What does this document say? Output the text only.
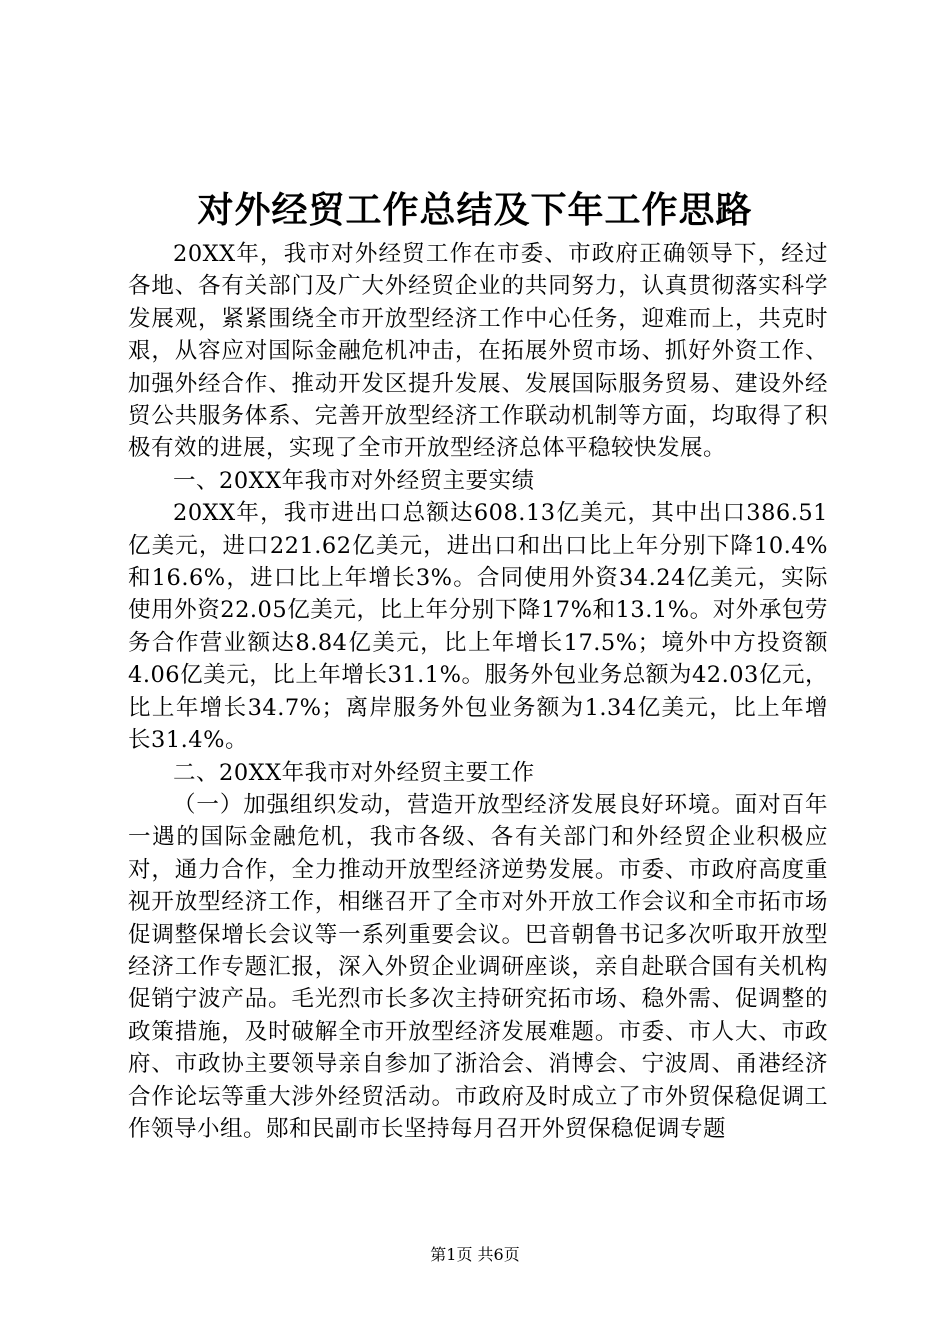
对外经贸工作总结及下年工作思路

20XX年，我市对外经贸工作在市委、市政府正确领导下，经过各地、各有关部门及广大外经贸企业的共同努力，认真贯彻落实科学发展观，紧紧围绕全市开放型经济工作中心任务，迎难而上，共克时艰，从容应对国际金融危机冲击，在拓展外贸市场、抓好外资工作、加强外经合作、推动开发区提升发展、发展国际服务贸易、建设外经贸公共服务体系、完善开放型经济工作联动机制等方面，均取得了积极有效的进展，实现了全市开放型经济总体平稳较快发展。

一、20XX年我市对外经贸主要实绩

20XX年，我市进出口总额达608.13亿美元，其中出口386.51亿美元，进口221.62亿美元，进出口和出口比上年分别下降10.4%和16.6%，进口比上年增长3%。合同使用外资34.24亿美元，实际使用外资22.05亿美元，比上年分别下降17%和13.1%。对外承包劳务合作营业额达8.84亿美元，比上年增长17.5%；境外中方投资额4.06亿美元，比上年增长31.1%。服务外包业务总额为42.03亿元，比上年增长34.7%；离岸服务外包业务额为1.34亿美元，比上年增长31.4%。

二、20XX年我市对外经贸主要工作

（一）加强组织发动，营造开放型经济发展良好环境。面对百年一遇的国际金融危机，我市各级、各有关部门和外经贸企业积极应对，通力合作，全力推动开放型经济逆势发展。市委、市政府高度重视开放型经济工作，相继召开了全市对外开放工作会议和全市拓市场促调整保增长会议等一系列重要会议。巴音朝鲁书记多次听取开放型经济工作专题汇报，深入外贸企业调研座谈，亲自赴联合国有关机构促销宁波产品。毛光烈市长多次主持研究拓市场、稳外需、促调整的政策措施，及时破解全市开放型经济发展难题。市委、市人大、市政府、市政协主要领导亲自参加了浙洽会、消博会、宁波周、甬港经济合作论坛等重大涉外经贸活动。市政府及时成立了市外贸保稳促调工作领导小组。郧和民副市长坚持每月召开外贸保稳促调专题

第1页 共6页
